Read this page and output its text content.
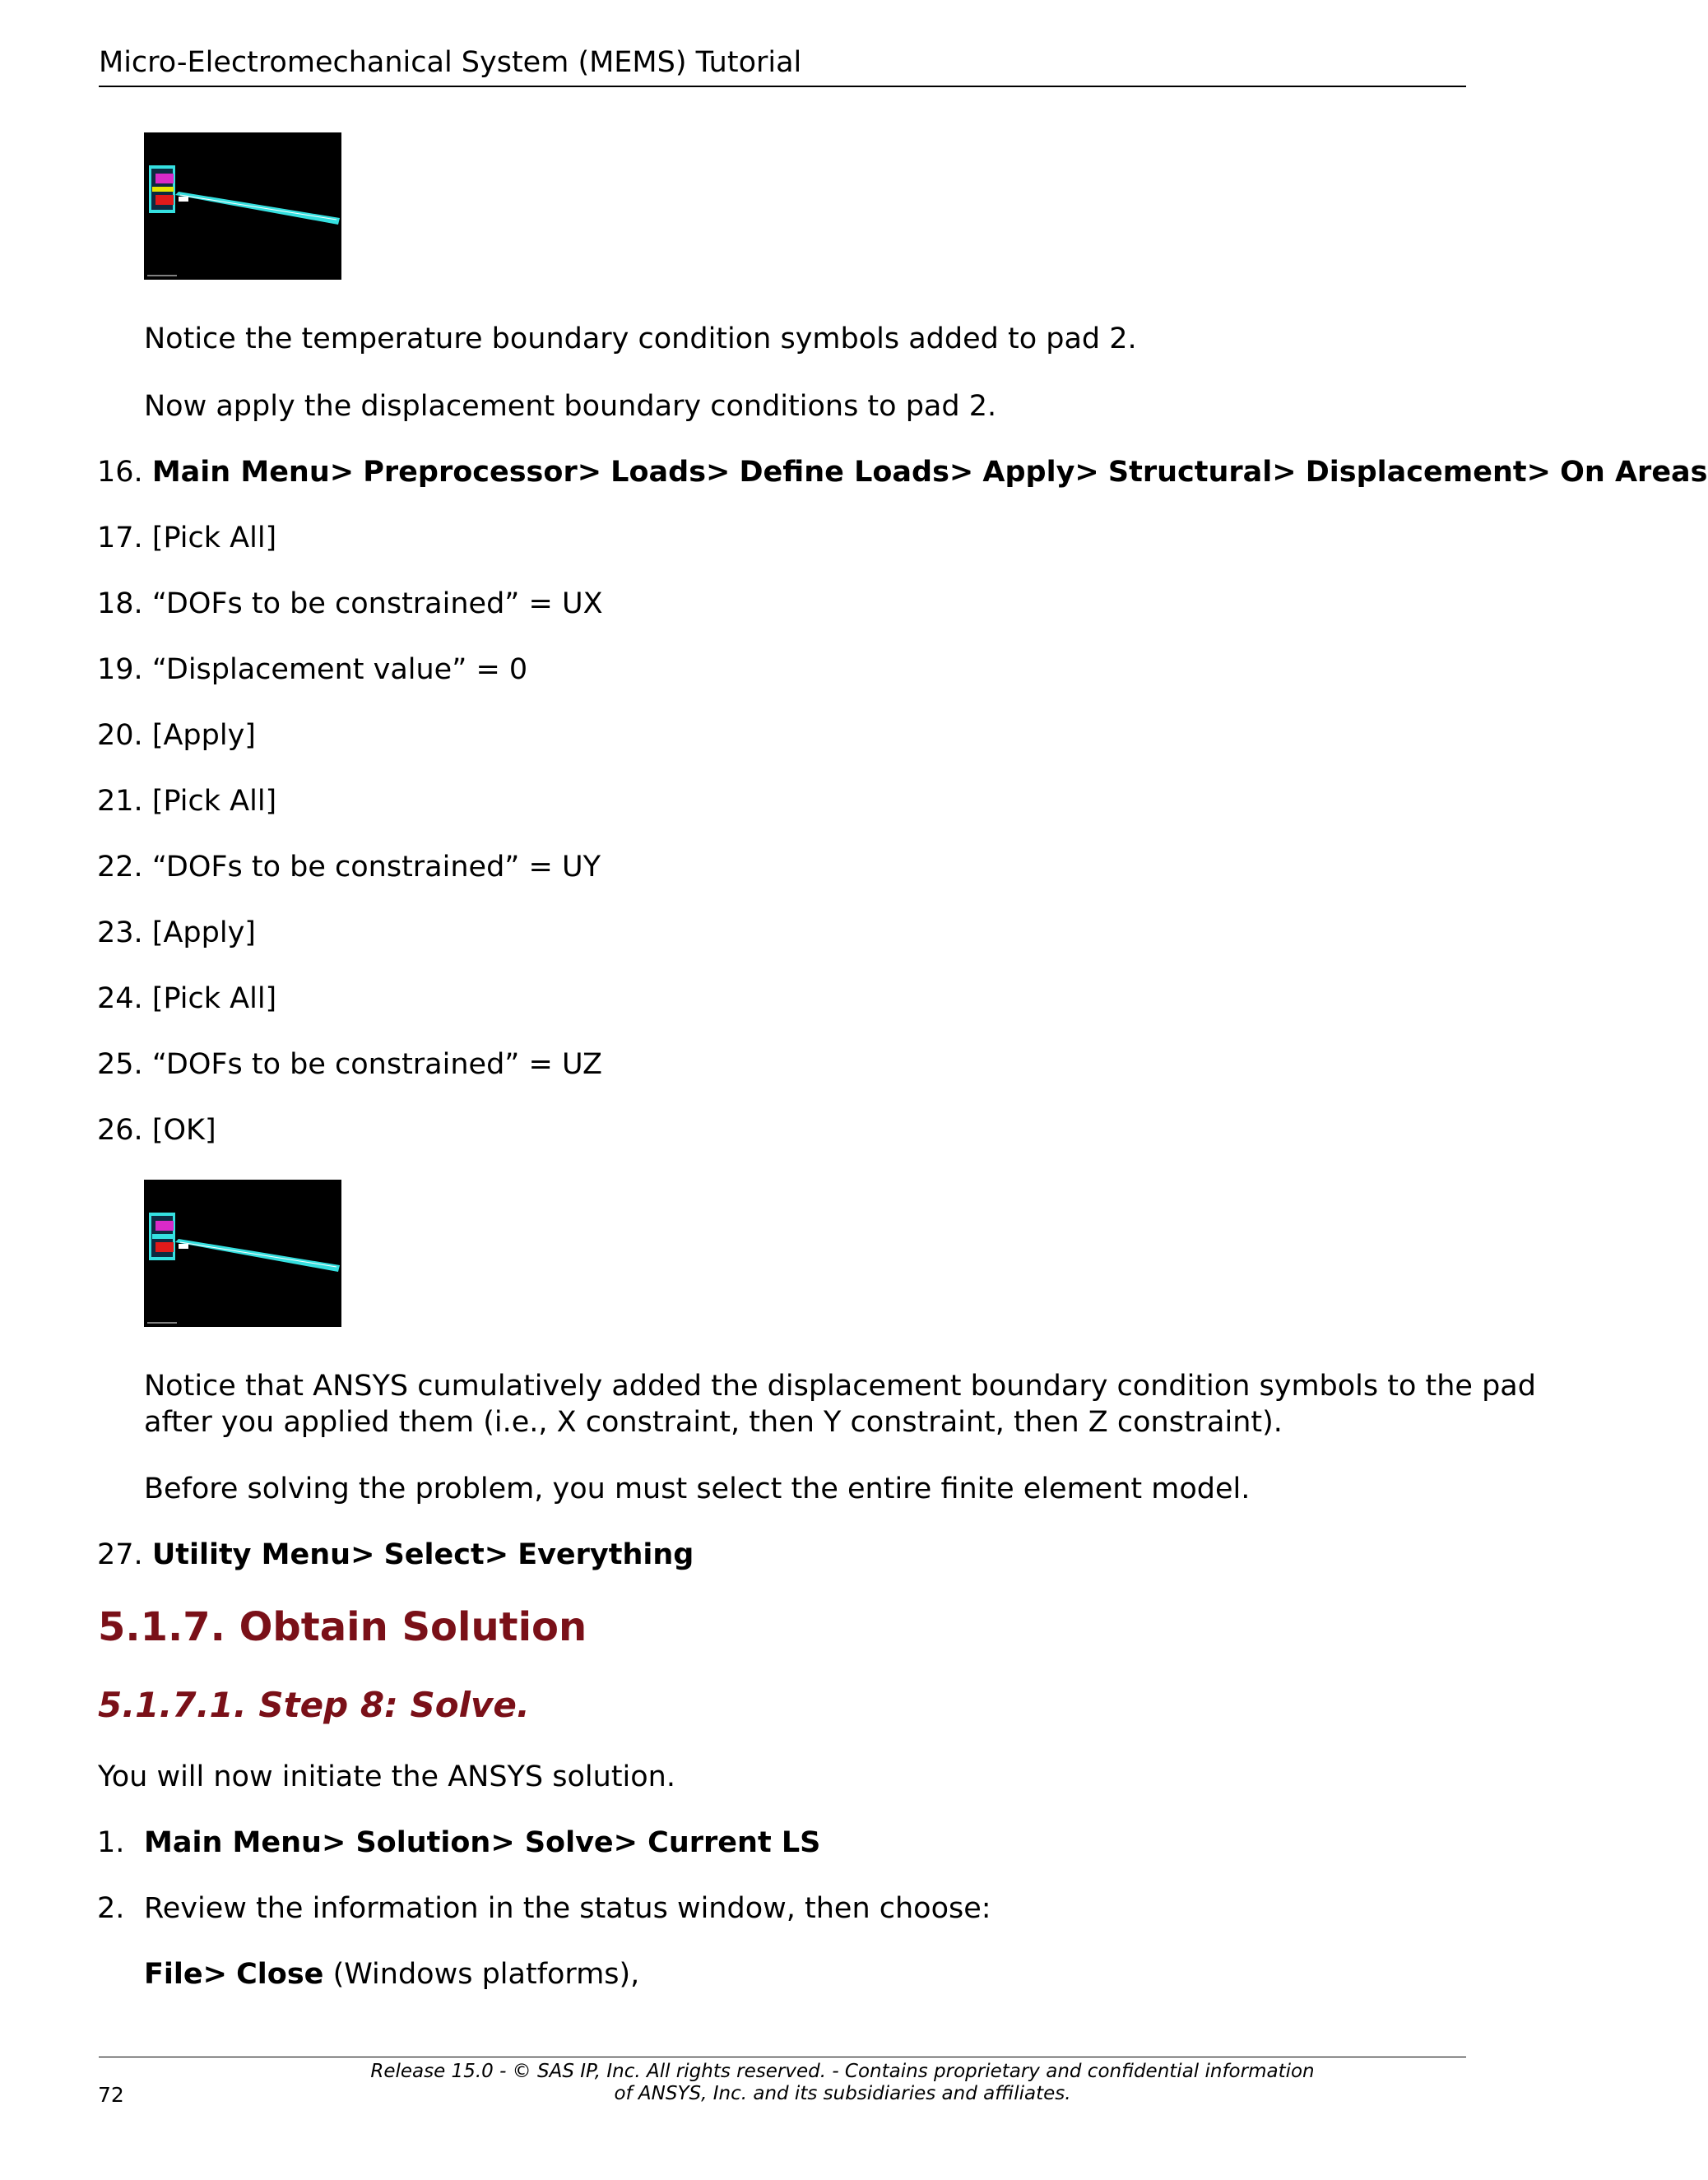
Micro-Electromechanical System (MEMS) Tutorial
Notice the temperature boundary condition symbols added to pad 2.
Now apply the displacement boundary conditions to pad 2.
16. Main Menu> Preprocessor> Loads> Define Loads> Apply> Structural> Displacement> On Areas
17. [Pick All]
18. “DOFs to be constrained” = UX
19. “Displacement value” = 0
20. [Apply]
21. [Pick All]
22. “DOFs to be constrained” = UY
23. [Apply]
24. [Pick All]
25. “DOFs to be constrained” = UZ
26. [OK]
Notice that ANSYS cumulatively added the displacement boundary condition symbols to the pad
after you applied them (i.e., X constraint, then Y constraint, then Z constraint).
Before solving the problem, you must select the entire finite element model.
27. Utility Menu> Select> Everything
5.1.7. Obtain Solution
5.1.7.1. Step 8: Solve.
You will now initiate the ANSYS solution.
1. Main Menu> Solution> Solve> Current LS
2. Review the information in the status window, then choose:
File> Close (Windows platforms),
Release 15.0 - © SAS IP, Inc. All rights reserved. - Contains proprietary and confidential information
of ANSYS, Inc. and its subsidiaries and affiliates.
72
